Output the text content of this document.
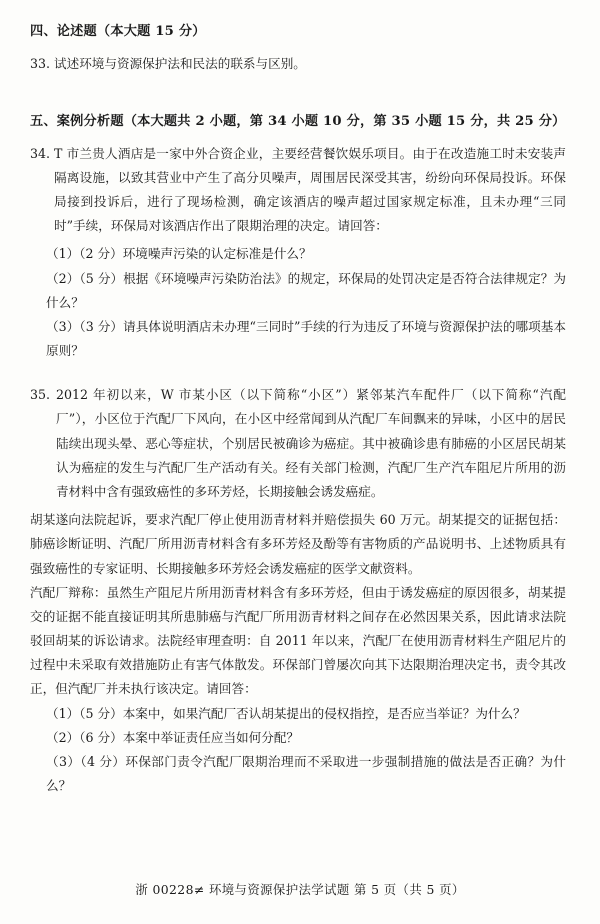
四、论述题（本大题 15 分）
33. 试述环境与资源保护法和民法的联系与区别。
五、案例分析题（本大题共 2 小题，第 34 小题 10 分，第 35 小题 15 分，共 25 分）
34. T 市兰贵人酒店是一家中外合资企业，主要经营餐饮娱乐项目。由于在改造施工时未安装声隔离设施，以致其营业中产生了高分贝噪声，周围居民深受其害，纷纷向环保局投诉。环保局接到投诉后，进行了现场检测，确定该酒店的噪声超过国家规定标准，且未办理“三同时”手续，环保局对该酒店作出了限期治理的决定。请回答：
（1）（2 分）环境噪声污染的认定标准是什么？
（2）（5 分）根据《环境噪声污染防治法》的规定，环保局的处罚决定是否符合法律规定？为什么？
（3）（3 分）请具体说明酒店未办理“三同时”手续的行为违反了环境与资源保护法的哪项基本原则？
35. 2012 年初以来，W 市某小区（以下简称“小区”）紧邻某汽车配件厂（以下简称“汽配厂”），小区位于汽配厂下风向，在小区中经常闻到从汽配厂车间飘来的异味，小区中的居民陆续出现头晕、恶心等症状，个别居民被确诊为癌症。其中被确诊患有肺癌的小区居民胡某认为癌症的发生与汽配厂生产活动有关。经有关部门检测，汽配厂生产汽车阻尼片所用的沥青材料中含有强致癌性的多环芳烃，长期接触会诱发癌症。
胡某遂向法院起诉，要求汽配厂停止使用沥青材料并赔偿损失 60 万元。胡某提交的证据包括：肺癌诊断证明、汽配厂所用沥青材料含有多环芳烃及酚等有害物质的产品说明书、上述物质具有强致癌性的专家证明、长期接触多环芳烃会诱发癌症的医学文献资料。
汽配厂辩称：虽然生产阻尼片所用沥青材料含有多环芳烃，但由于诱发癌症的原因很多，胡某提交的证据不能直接证明其所患肺癌与汽配厂所用沥青材料之间存在必然因果关系，因此请求法院驳回胡某的诉讼请求。法院经审理查明：自 2011 年以来，汽配厂在使用沥青材料生产阻尼片的过程中未采取有效措施防止有害气体散发。环保部门曾屡次向其下达限期治理决定书，责令其改正，但汽配厂并未执行该决定。请回答：
（1）（5 分）本案中，如果汽配厂否认胡某提出的侵权指控，是否应当举证？为什么？
（2）（6 分）本案中举证责任应当如何分配？
（3）（4 分）环保部门责令汽配厂限期治理而不采取进一步强制措施的做法是否正确？为什么？
浙 00228≠ 环境与资源保护法学试题 第 5 页（共 5 页）
